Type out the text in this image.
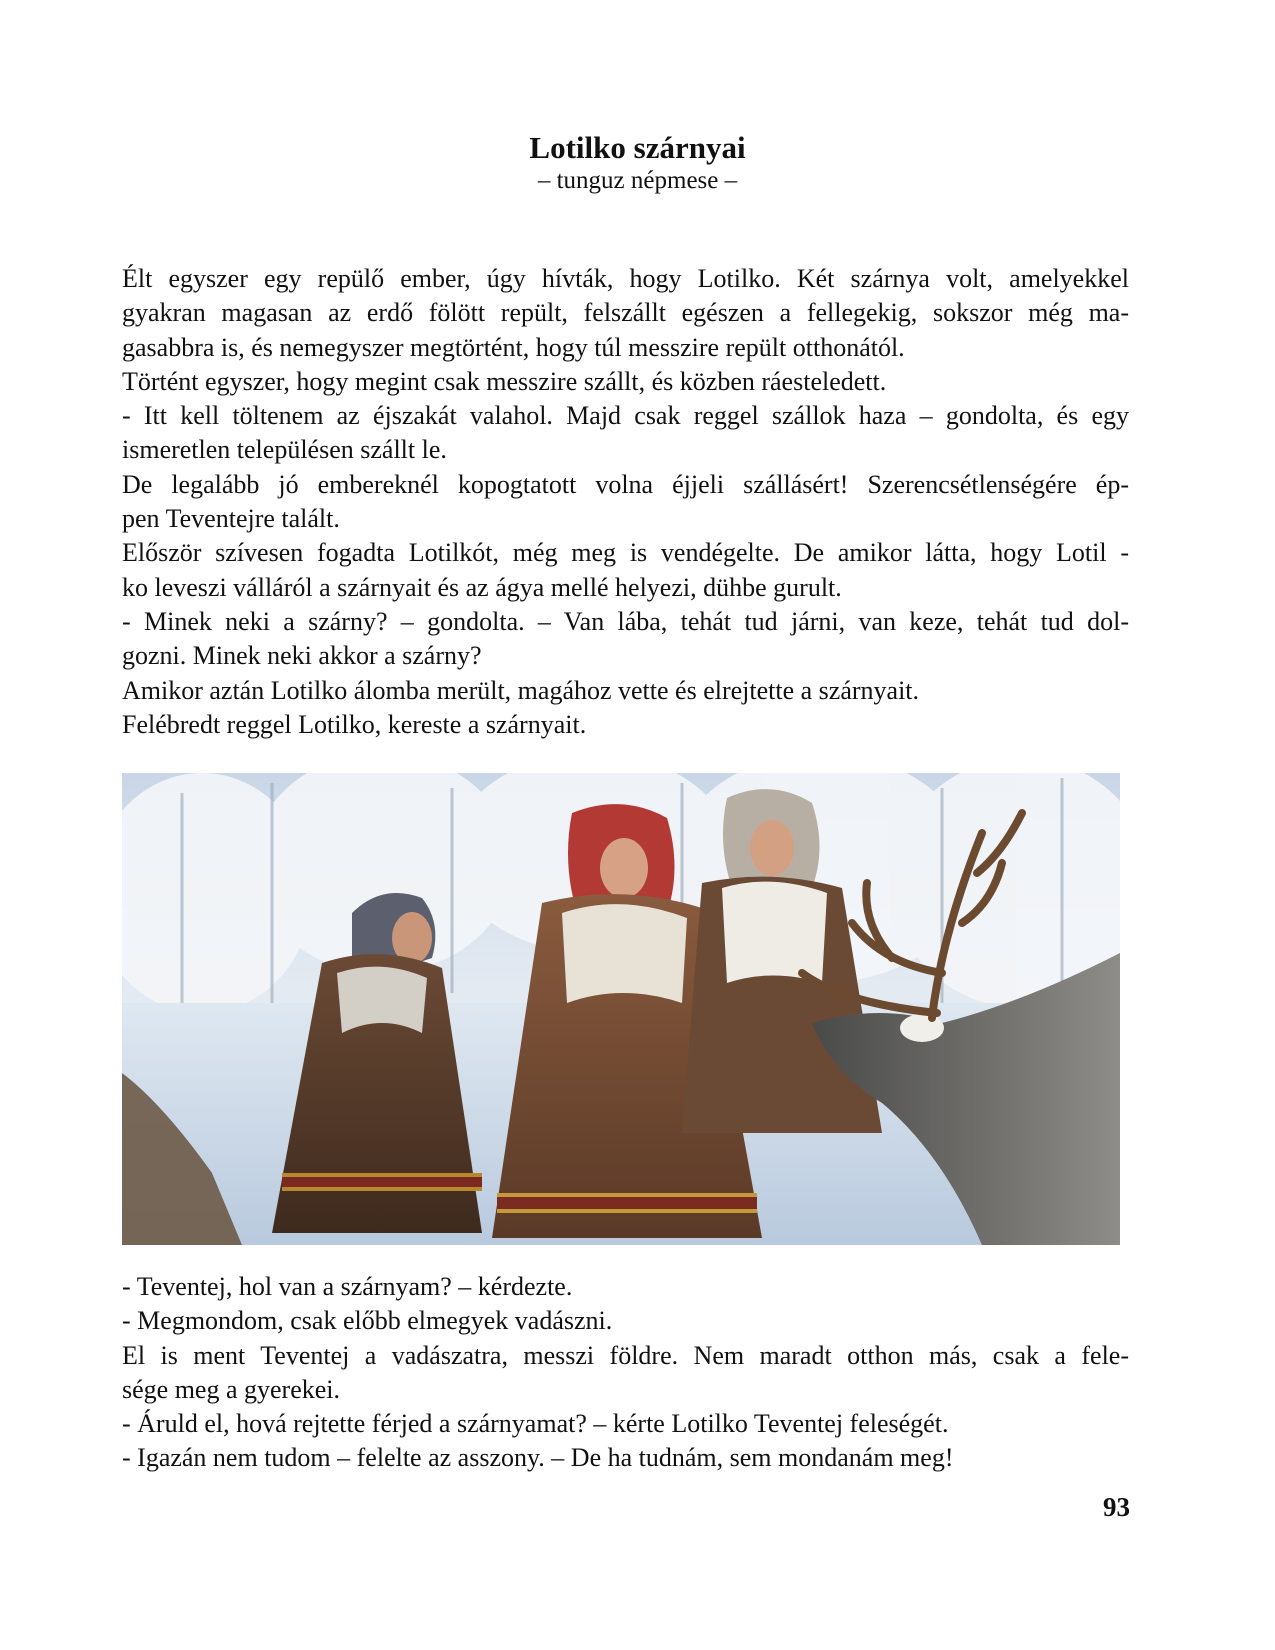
Lotilko szárnyai
– tunguz népmese –
Élt egyszer egy repülő ember, úgy hívták, hogy Lotilko. Két szárnya volt, amelyekkel
gyakran magasan az erdő fölött repült, felszállt egészen a fellegekig, sokszor még ma-
gasabbra is, és nemegyszer megtörtént, hogy túl messzire repült otthonától.
Történt egyszer, hogy megint csak messzire szállt, és közben ráesteledett.
- Itt kell töltenem az éjszakát valahol. Majd csak reggel szállok haza – gondolta, és egy
ismeretlen településen szállt le.
De legalább jó embereknél kopogtatott volna éjjeli szállásért! Szerencsétlenségére ép-
pen Teventejre talált.
Először szívesen fogadta Lotilkót, még meg is vendégelte. De amikor látta, hogy Lotil -
ko leveszi válláról a szárnyait és az ágya mellé helyezi, dühbe gurult.
- Minek neki a szárny? – gondolta. – Van lába, tehát tud járni, van keze, tehát tud dol-
gozni. Minek neki akkor a szárny?
Amikor aztán Lotilko álomba merült, magához vette és elrejtette a szárnyait.
Felébredt reggel Lotilko, kereste a szárnyait.
- Teventej, hol van a szárnyam? – kérdezte.
- Megmondom, csak előbb elmegyek vadászni.
El is ment Teventej a vadászatra, messzi földre. Nem maradt otthon más, csak a fele-
sége meg a gyerekei.
- Áruld el, hová rejtette férjed a szárnyamat? – kérte Lotilko Teventej feleségét.
- Igazán nem tudom – felelte az asszony. – De ha tudnám, sem mondanám meg!
93
